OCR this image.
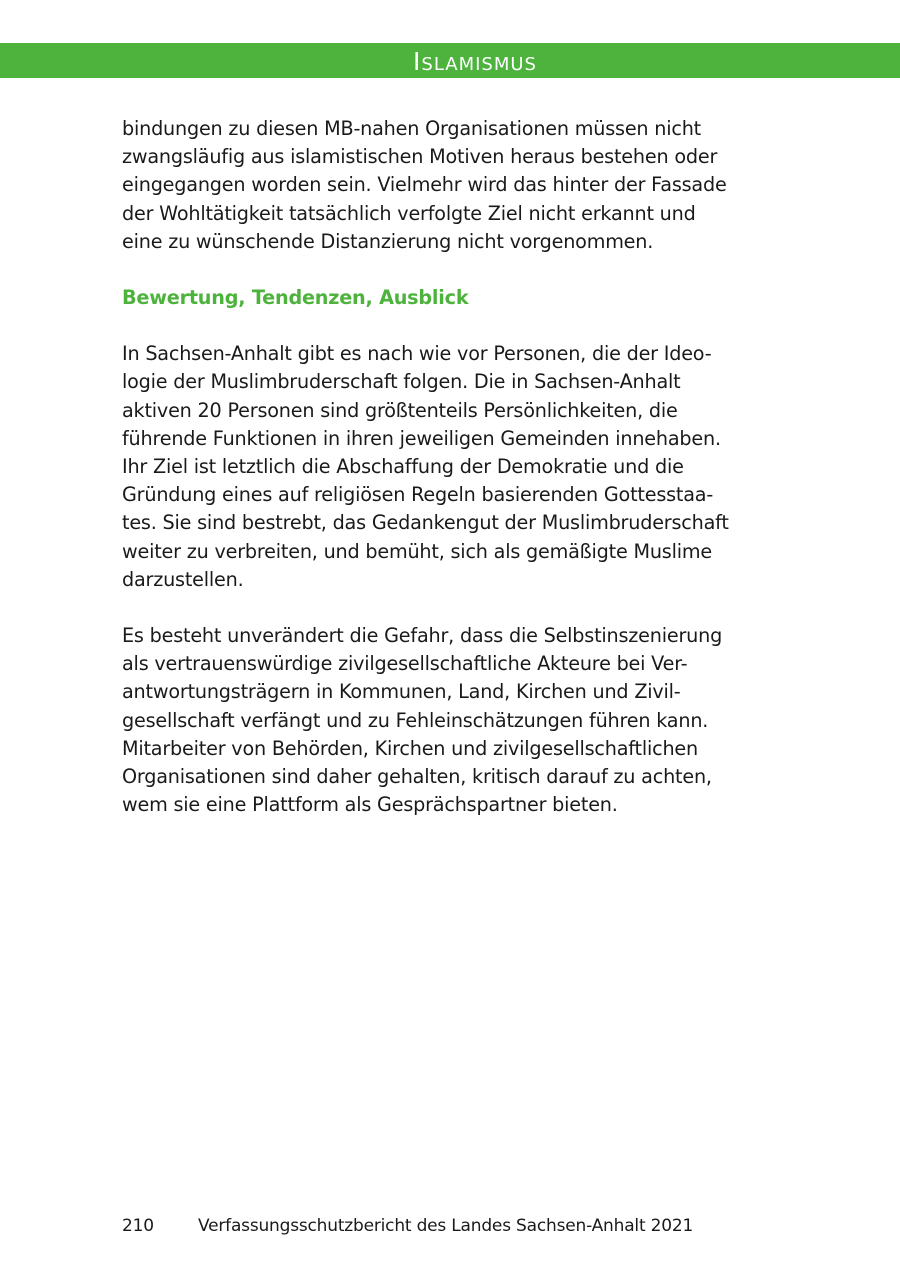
Islamismus

bindungen zu diesen MB-nahen Organisationen müssen nicht
zwangsläufig aus islamistischen Motiven heraus bestehen oder
eingegangen worden sein. Vielmehr wird das hinter der Fassade
der Wohltätigkeit tatsächlich verfolgte Ziel nicht erkannt und
eine zu wünschende Distanzierung nicht vorgenommen.

Bewertung, Tendenzen, Ausblick

In Sachsen-Anhalt gibt es nach wie vor Personen, die der Ideo-
logie der Muslimbruderschaft folgen. Die in Sachsen-Anhalt
aktiven 20 Personen sind größtenteils Persönlichkeiten, die
führende Funktionen in ihren jeweiligen Gemeinden innehaben.
Ihr Ziel ist letztlich die Abschaffung der Demokratie und die
Gründung eines auf religiösen Regeln basierenden Gottesstaa-
tes. Sie sind bestrebt, das Gedankengut der Muslimbruderschaft
weiter zu verbreiten, und bemüht, sich als gemäßigte Muslime
darzustellen.

Es besteht unverändert die Gefahr, dass die Selbstinszenierung
als vertrauenswürdige zivilgesellschaftliche Akteure bei Ver-
antwortungsträgern in Kommunen, Land, Kirchen und Zivil-
gesellschaft verfängt und zu Fehleinschätzungen führen kann.
Mitarbeiter von Behörden, Kirchen und zivilgesellschaftlichen
Organisationen sind daher gehalten, kritisch darauf zu achten,
wem sie eine Plattform als Gesprächspartner bieten.

210	Verfassungsschutzbericht des Landes Sachsen-Anhalt 2021
